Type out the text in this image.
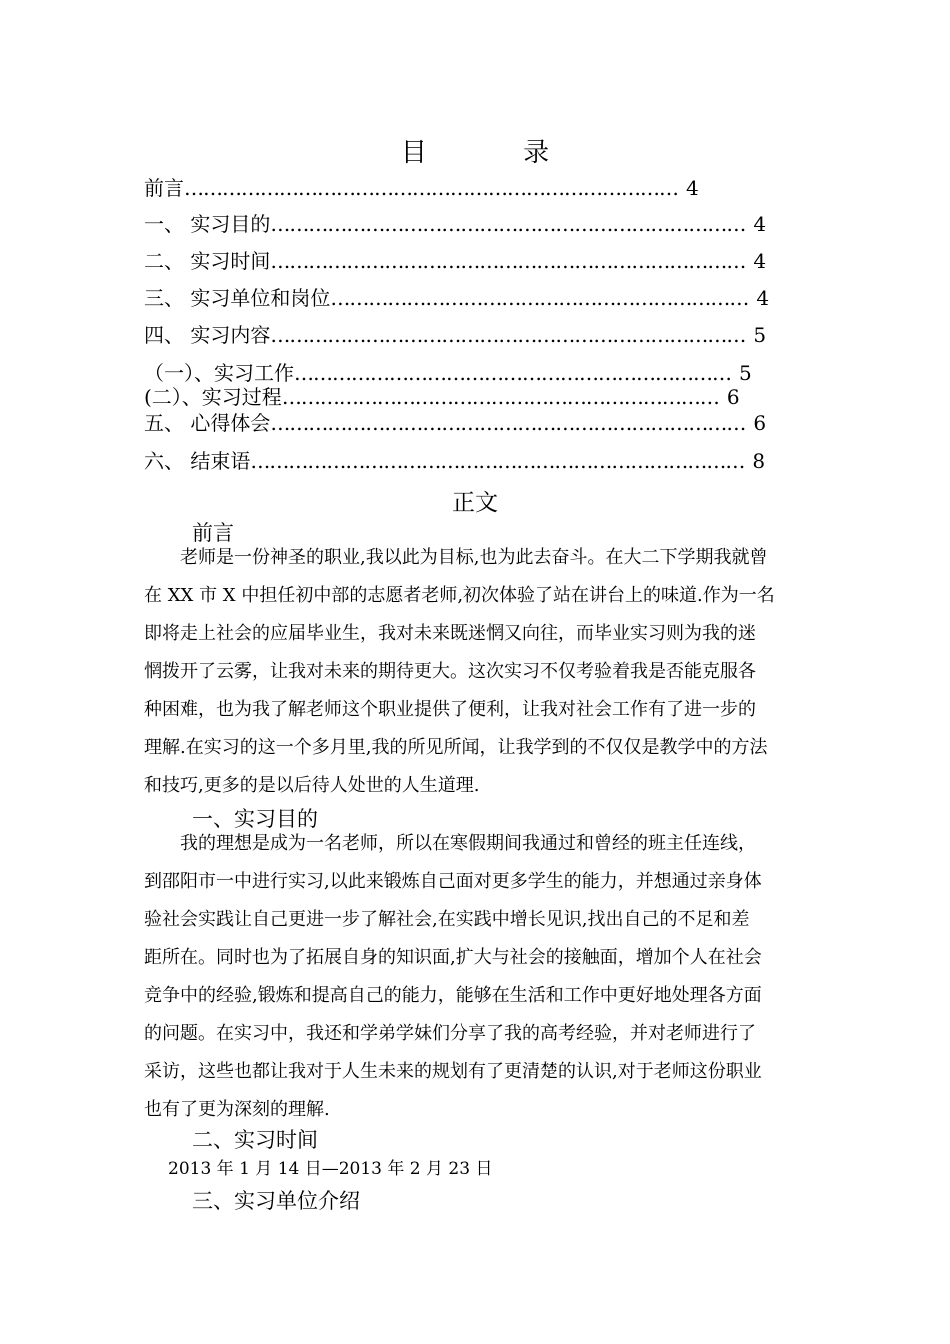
目 录
前言…………………………………………………………………… 4
一、 实习目的………………………………………………………………… 4
二、 实习时间………………………………………………………………… 4
三、 实习单位和岗位………………………………………………………… 4
四、 实习内容………………………………………………………………… 5
（一）、实习工作…………………………………………………………… 5
(二）、实习过程…………………………………………………………… 6
五、 心得体会………………………………………………………………… 6
六、 结束语…………………………………………………………………… 8
正文
前言
老师是一份神圣的职业,我以此为目标,也为此去奋斗。在大二下学期我就曾
在 XX 市 X 中担任初中部的志愿者老师,初次体验了站在讲台上的味道.作为一名
即将走上社会的应届毕业生，我对未来既迷惘又向往，而毕业实习则为我的迷
惘拨开了云雾，让我对未来的期待更大。这次实习不仅考验着我是否能克服各
种困难，也为我了解老师这个职业提供了便利，让我对社会工作有了进一步的
理解.在实习的这一个多月里,我的所见所闻，让我学到的不仅仅是教学中的方法
和技巧,更多的是以后待人处世的人生道理.
一、实习目的
我的理想是成为一名老师，所以在寒假期间我通过和曾经的班主任连线，
到邵阳市一中进行实习,以此来锻炼自己面对更多学生的能力，并想通过亲身体
验社会实践让自己更进一步了解社会,在实践中增长见识,找出自己的不足和差
距所在。同时也为了拓展自身的知识面,扩大与社会的接触面，增加个人在社会
竞争中的经验,锻炼和提高自己的能力，能够在生活和工作中更好地处理各方面
的问题。在实习中，我还和学弟学妹们分享了我的高考经验，并对老师进行了
采访，这些也都让我对于人生未来的规划有了更清楚的认识,对于老师这份职业
也有了更为深刻的理解.
二、实习时间
2013 年 1 月 14 日—2013 年 2 月 23 日
三、实习单位介绍
